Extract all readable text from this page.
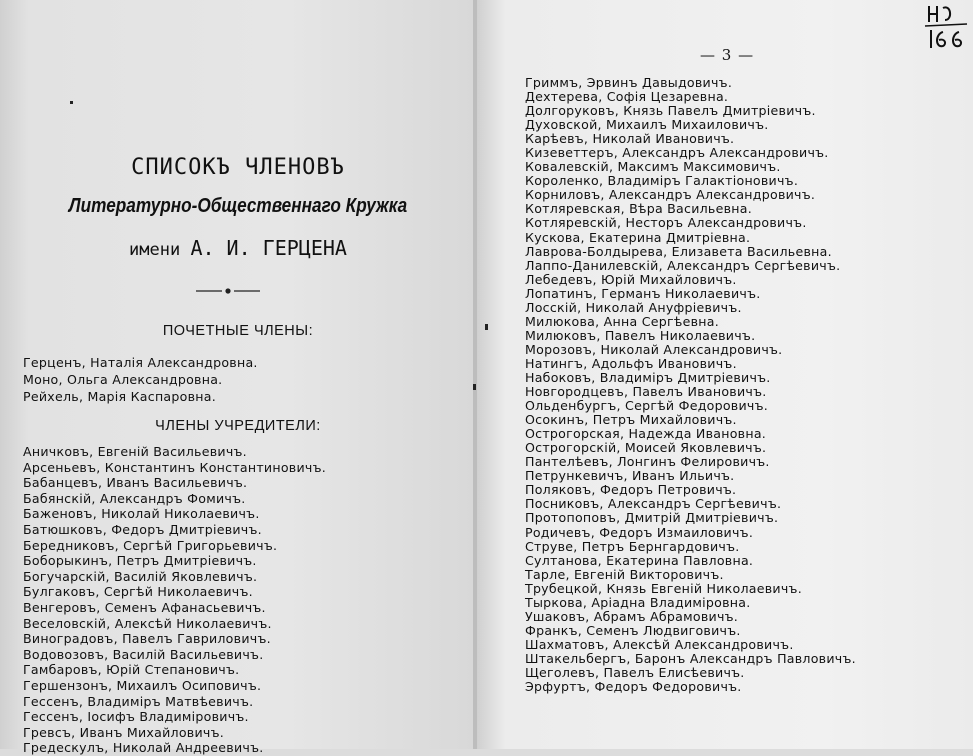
СПИСОКЪ ЧЛЕНОВЪ
Литературно-Общественнаго Кружка
имени А. И. ГЕРЦЕНА
ПОЧЕТНЫЕ ЧЛЕНЫ:
Герценъ, Наталія Александровна.
Моно, Ольга Александровна.
Рейхель, Марія Каспаровна.
ЧЛЕНЫ УЧРЕДИТЕЛИ:
Аничковъ, Евгеній Васильевичъ.
Арсеньевъ, Константинъ Константиновичъ.
Бабанцевъ, Иванъ Васильевичъ.
Бабянскій, Александръ Фомичъ.
Баженовъ, Николай Николаевичъ.
Батюшковъ, Федоръ Дмитріевичъ.
Бередниковъ, Сергѣй Григорьевичъ.
Боборыкинъ, Петръ Дмитріевичъ.
Богучарскій, Василій Яковлевичъ.
Булгаковъ, Сергѣй Николаевичъ.
Венгеровъ, Семенъ Афанасьевичъ.
Веселовскій, Алексѣй Николаевичъ.
Виноградовъ, Павелъ Гавриловичъ.
Водовозовъ, Василій Васильевичъ.
Гамбаровъ, Юрій Степановичъ.
Гершензонъ, Михаилъ Осиповичъ.
Гессенъ, Владиміръ Матвѣевичъ.
Гессенъ, Іосифъ Владиміровичъ.
Гревсъ, Иванъ Михайловичъ.
Гредескулъ, Николай Андреевичъ.
— 3 —
Гриммъ, Эрвинъ Давыдовичъ.
Дехтерева, Софія Цезаревна.
Долгоруковъ, Князь Павелъ Дмитріевичъ.
Духовской, Михаилъ Михаиловичъ.
Карѣевъ, Николай Ивановичъ.
Кизеветтеръ, Александръ Александровичъ.
Ковалевскій, Максимъ Максимовичъ.
Короленко, Владиміръ Галактіоновичъ.
Корниловъ, Александръ Александровичъ.
Котляревская, Вѣра Васильевна.
Котляревскій, Несторъ Александровичъ.
Кускова, Екатерина Дмитріевна.
Лаврова-Болдырева, Елизавета Васильевна.
Лаппо-Данилевскій, Александръ Сергѣевичъ.
Лебедевъ, Юрій Михайловичъ.
Лопатинъ, Германъ Николаевичъ.
Лосскій, Николай Ануфріевичъ.
Милюкова, Анна Сергѣевна.
Милюковъ, Павелъ Николаевичъ.
Морозовъ, Николай Александровичъ.
Натингъ, Адольфъ Ивановичъ.
Набоковъ, Владиміръ Дмитріевичъ.
Новгородцевъ, Павелъ Ивановичъ.
Ольденбургъ, Сергѣй Федоровичъ.
Осокинъ, Петръ Михайловичъ.
Острогорская, Надежда Ивановна.
Острогорскій, Моисей Яковлевичъ.
Пантелѣевъ, Лонгинъ Фелировичъ.
Петрункевичъ, Иванъ Ильичъ.
Поляковъ, Федоръ Петровичъ.
Посниковъ, Александръ Сергѣевичъ.
Протопоповъ, Дмитрій Дмитріевичъ.
Родичевъ, Федоръ Измаиловичъ.
Струве, Петръ Бернгардовичъ.
Султанова, Екатерина Павловна.
Тарле, Евгеній Викторовичъ.
Трубецкой, Князь Евгеній Николаевичъ.
Тыркова, Аріадна Владиміровна.
Ушаковъ, Абрамъ Абрамовичъ.
Франкъ, Семенъ Людвиговичъ.
Шахматовъ, Алексѣй Александровичъ.
Штакельбергъ, Баронъ Александръ Павловичъ.
Щеголевъ, Павелъ Елисѣевичъ.
Эрфуртъ, Федоръ Федоровичъ.
